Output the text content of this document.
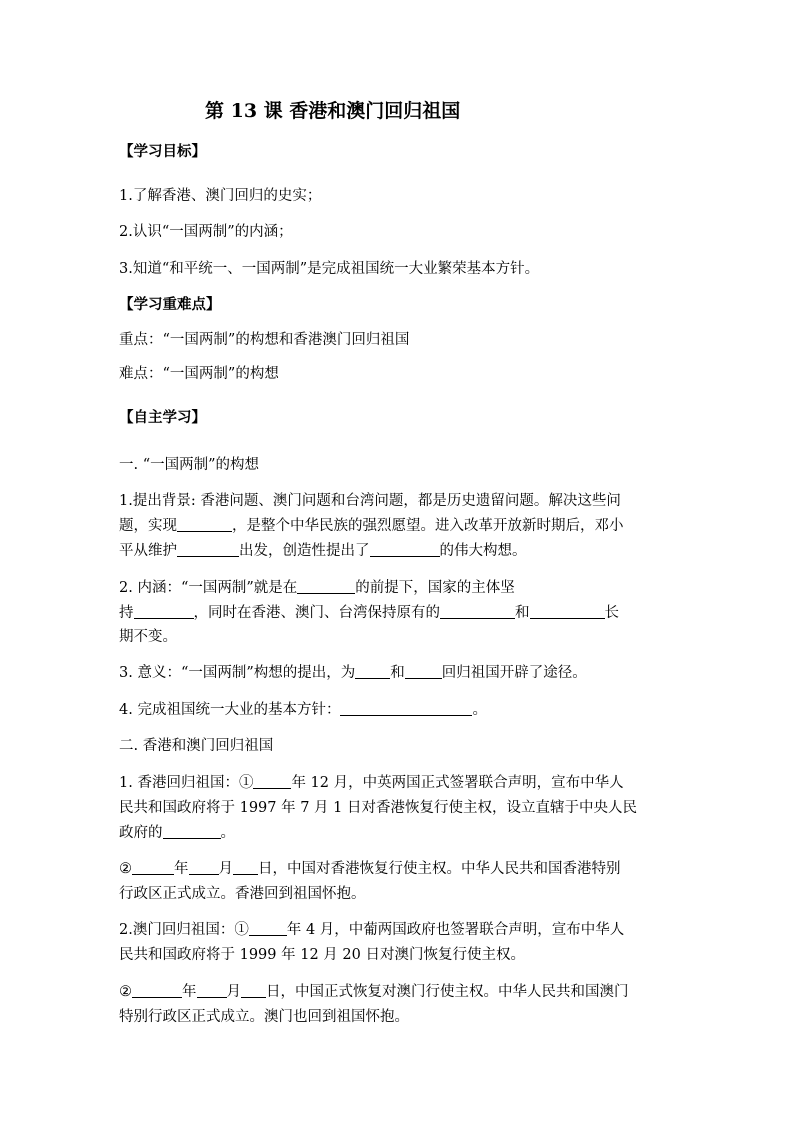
第 13 课 香港和澳门回归祖国

【学习目标】

1.了解香港、澳门回归的史实；

2.认识“一国两制”的内涵；

3.知道“和平统一、一国两制”是完成祖国统一大业繁荣基本方针。

【学习重难点】

重点：“一国两制”的构想和香港澳门回归祖国

难点：“一国两制”的构想

【自主学习】

一. “一国两制”的构想

1.提出背景: 香港问题、澳门问题和台湾问题，都是历史遗留问题。解决这些问

题，实现	，是整个中华民族的强烈愿望。进入改革开放新时期后，邓小

平从维护	出发，创造性提出了	的伟大构想。

2. 内涵：“一国两制”就是在	的前提下，国家的主体坚

持	，同时在香港、澳门、台湾保持原有的	和	长

期不变。

3. 意义：“一国两制”构想的提出，为 和	回归祖国开辟了途径。

4. 完成祖国统一大业的基本方针：	。

二. 香港和澳门回归祖国

1. 香港回归祖国：①	年 12 月，中英两国正式签署联合声明，宣布中华人

民共和国政府将于 1997 年 7 月 1 日对香港恢复行使主权，设立直辖于中央人民

政府的	。

②	年 月 日，中国对香港恢复行使主权。中华人民共和国香港特别

行政区正式成立。香港回到祖国怀抱。

2.澳门回归祖国：①	年 4 月，中葡两国政府也签署联合声明，宣布中华人

民共和国政府将于 1999 年 12 月 20 日对澳门恢复行使主权。

②	年 月 日，中国正式恢复对澳门行使主权。中华人民共和国澳门

特别行政区正式成立。澳门也回到祖国怀抱。
